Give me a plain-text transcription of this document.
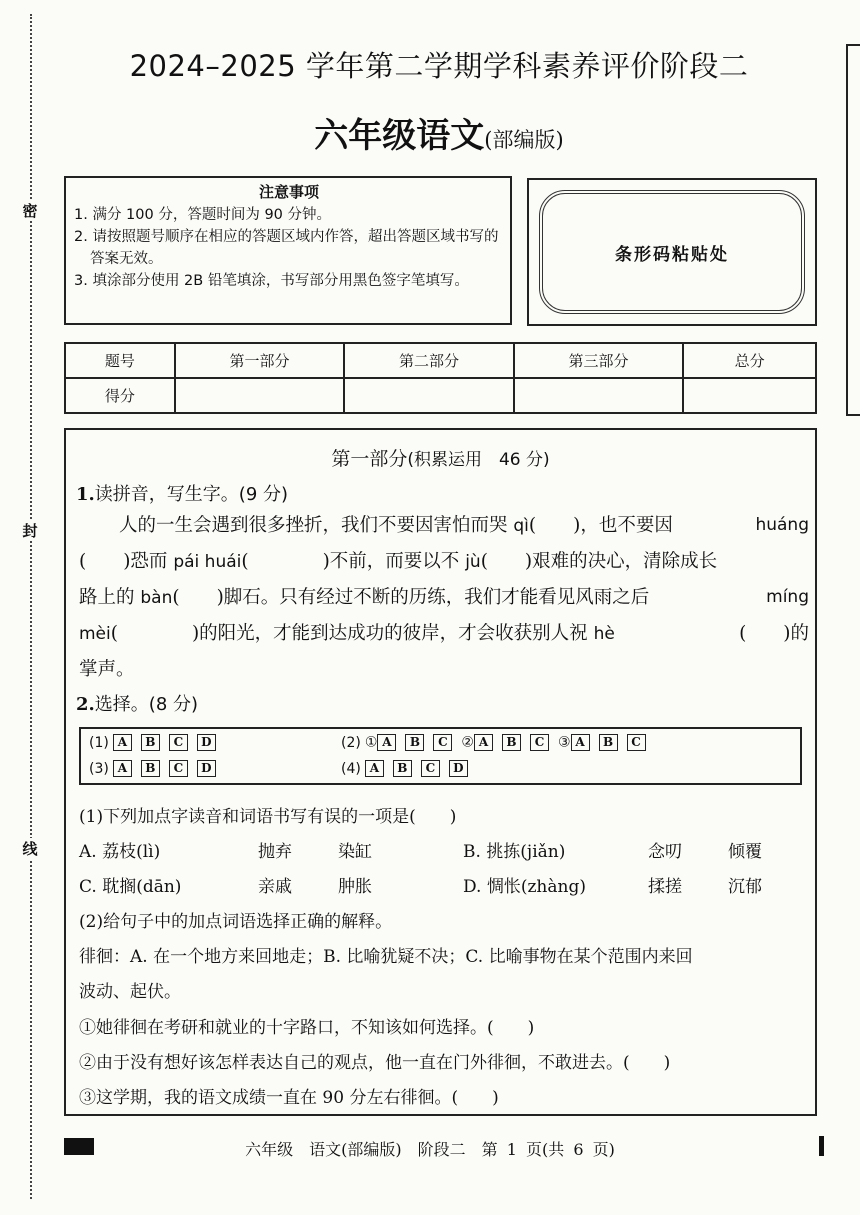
密
封
线
2024–2025 学年第二学期学科素养评价阶段二
六年级语文(部编版)
注意事项
1. 满分 100 分，答题时间为 90 分钟。
2. 请按照题号顺序在相应的答题区域内作答，超出答题区域书写的答案无效。
3. 填涂部分使用 2B 铅笔填涂，书写部分用黑色签字笔填写。
条形码粘贴处
题号	第一部分	第二部分	第三部分	总分
得分				
第一部分(积累运用　46 分)
1.读拼音，写生字。(9 分)
人的一生会遇到很多挫折，我们不要因害怕而哭 qì(　　)，也不要因	huáng
(　　)恐而 pái huái(　　　　)不前，而要以不 jù(　　)艰难的决心，清除成长
路上的 bàn(　　)脚石。只有经过不断的历练，我们才能看见风雨之后	míng
mèi(　　　　)的阳光，才能到达成功的彼岸，才会收获别人祝 hè	(　　)的
掌声。
2.选择。(8 分)
(1) A B C D	(2) ① A B C ② A B C ③ A B C
(3) A B C D	(4) A B C D
(1)下列加点字读音和词语书写有误的一项是(　　)
A. 荔枝(lì)	抛弃	染缸	B. 挑拣(jiǎn)	念叨	倾覆
C. 耽搁(dān)	亲戚	肿胀	D. 惆怅(zhàng)	揉搓	沉郁
(2)给句子中的加点词语选择正确的解释。
徘徊：A. 在一个地方来回地走；B. 比喻犹疑不决；C. 比喻事物在某个范围内来回
波动、起伏。
①她徘徊在考研和就业的十字路口，不知该如何选择。(　　)
②由于没有想好该怎样表达自己的观点，他一直在门外徘徊，不敢进去。(　　)
③这学期，我的语文成绩一直在 90 分左右徘徊。(　　)
六年级　语文(部编版)　阶段二　第 1 页(共 6 页)
